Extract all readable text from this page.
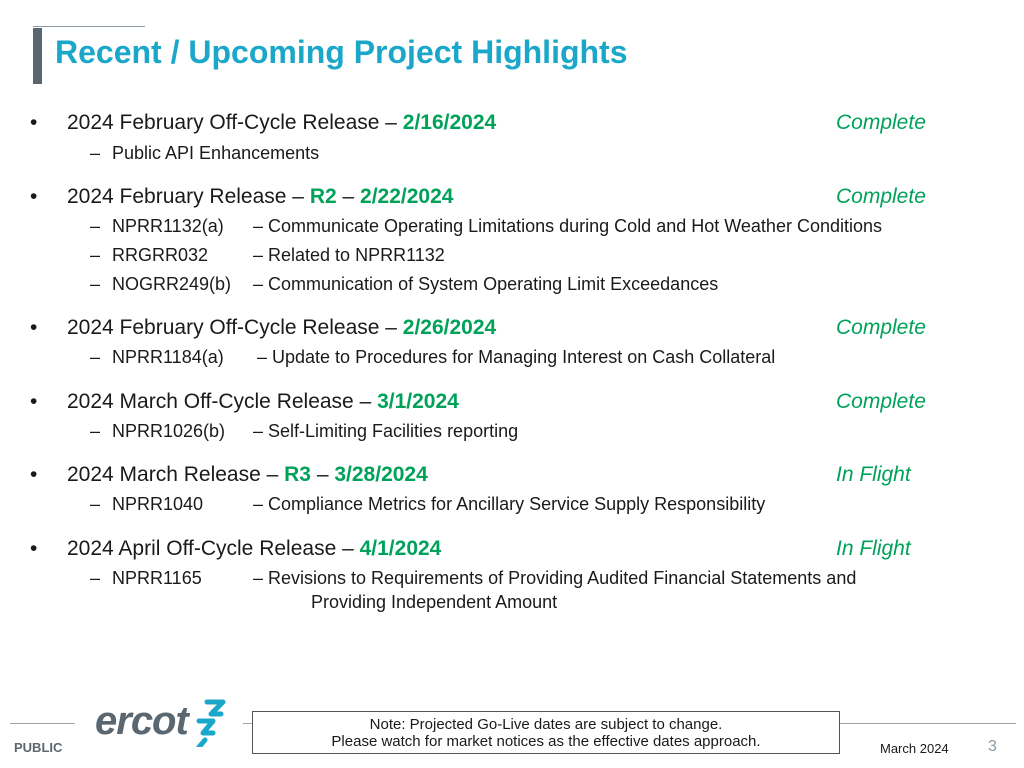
Recent / Upcoming Project Highlights
• 2024 February Off-Cycle Release – 2/16/2024	Complete
– Public API Enhancements
• 2024 February Release – R2 – 2/22/2024	Complete
– NPRR1132(a) – Communicate Operating Limitations during Cold and Hot Weather Conditions
– RRGRR032 – Related to NPRR1132
– NOGRR249(b) – Communication of System Operating Limit Exceedances
• 2024 February Off-Cycle Release – 2/26/2024	Complete
– NPRR1184(a) – Update to Procedures for Managing Interest on Cash Collateral
• 2024 March Off-Cycle Release – 3/1/2024	Complete
– NPRR1026(b) – Self-Limiting Facilities reporting
• 2024 March Release – R3 – 3/28/2024	In Flight
– NPRR1040	– Compliance Metrics for Ancillary Service Supply Responsibility
• 2024 April Off-Cycle Release – 4/1/2024	In Flight
– NPRR1165	– Revisions to Requirements of Providing Audited Financial Statements and
Providing Independent Amount
PUBLIC
ercot	Note: Projected Go-Live dates are subject to change.
Please watch for market notices as the effective dates approach.	March 2024 3
